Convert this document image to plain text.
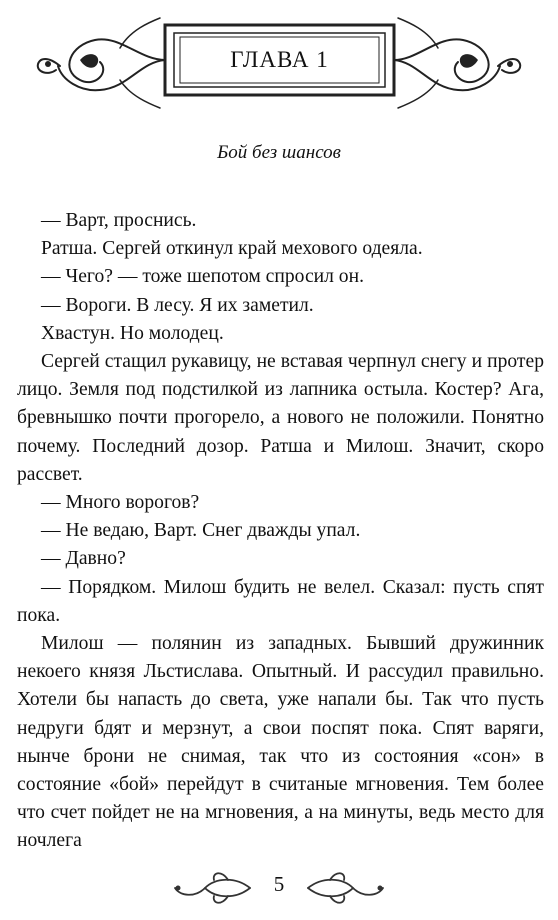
ГЛАВА 1
Бой без шансов

— Варт, проснись.

Ратша. Сергей откинул край мехового одеяла.

— Чего? — тоже шепотом спросил он.

— Вороги. В лесу. Я их заметил.

Хвастун. Но молодец.

Сергей стащил рукавицу, не вставая черпнул снегу и протер лицо. Земля под подстилкой из лапника остыла. Костер? Ага, бревнышко почти прогорело, а нового не положили. Понятно почему. Последний дозор. Ратша и Милош. Значит, скоро рассвет.

— Много ворогов?

— Не ведаю, Варт. Снег дважды упал.

— Давно?

— Порядком. Милош будить не велел. Сказал: пусть спят пока.

Милош — полянин из западных. Бывший дружинник некоего князя Льстислава. Опытный. И рассудил правильно. Хотели бы напасть до света, уже напали бы. Так что пусть недруги бдят и мерзнут, а свои поспят пока. Спят варяги, нынче брони не снимая, так что из состояния «сон» в состояние «бой» перейдут в считаные мгновения. Тем более что счет пойдет не на мгновения, а на минуты, ведь место для ночлега

5
